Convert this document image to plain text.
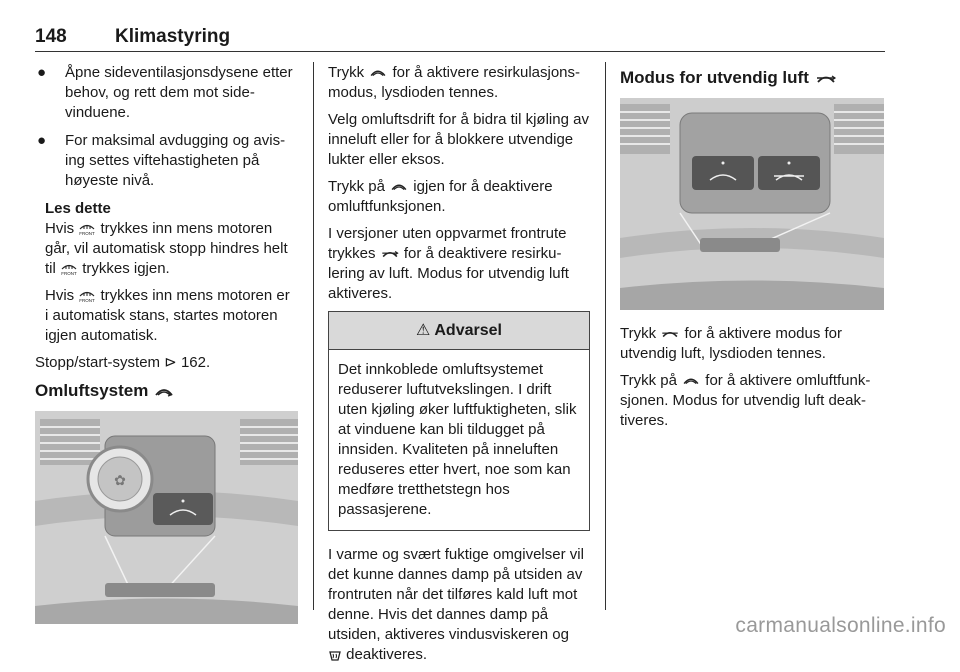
148	Klimastyring
● Åpne sideventilasjonsdysene etter behov, og rett dem mot sidevinduene.
● For maksimal avdugging og avising settes viftehastigheten på høyeste nivå.
Les dette

Hvis FRONT trykkes inn mens motoren går, vil automatisk stopp hindres helt til FRONT trykkes igjen.

Hvis FRONT trykkes inn mens motoren er i automatisk stans, startes motoren igjen automatisk.

Stopp/start-system ⊳ 162.

Omluftsystem
✿

Trykk for å aktivere resirkulasjonsmodus, lysdioden tennes.

Velg omluftsdrift for å bidra til kjøling av inneluft eller for å blokkere utvendige lukter eller eksos.

Trykk på igjen for å deaktivere omluftfunksjonen.

I versjoner uten oppvarmet frontrute trykkes for å deaktivere resirkulering av luft. Modus for utvendig luft aktiveres.

⚠ Advarsel
Det innkoblede omluftsystemet reduserer luftutvekslingen. I drift uten kjøling øker luftfuktigheten, slik at vinduene kan bli tildugget på innsiden. Kvaliteten på inneluften reduseres etter hvert, noe som kan medføre tretthetstegn hos passasjerene.

I varme og svært fuktige omgivelser vil det kunne dannes damp på utsiden av frontruten når det tilføres kald luft mot denne. Hvis det dannes damp på utsiden, aktiveres vindusviskeren og
deaktiveres.

Modus for utvendig luft

Trykk for å aktivere modus for utvendig luft, lysdioden tennes.

Trykk på for å aktivere omluftfunksjonen. Modus for utvendig luft deaktiveres.

carmanualsonline.info
